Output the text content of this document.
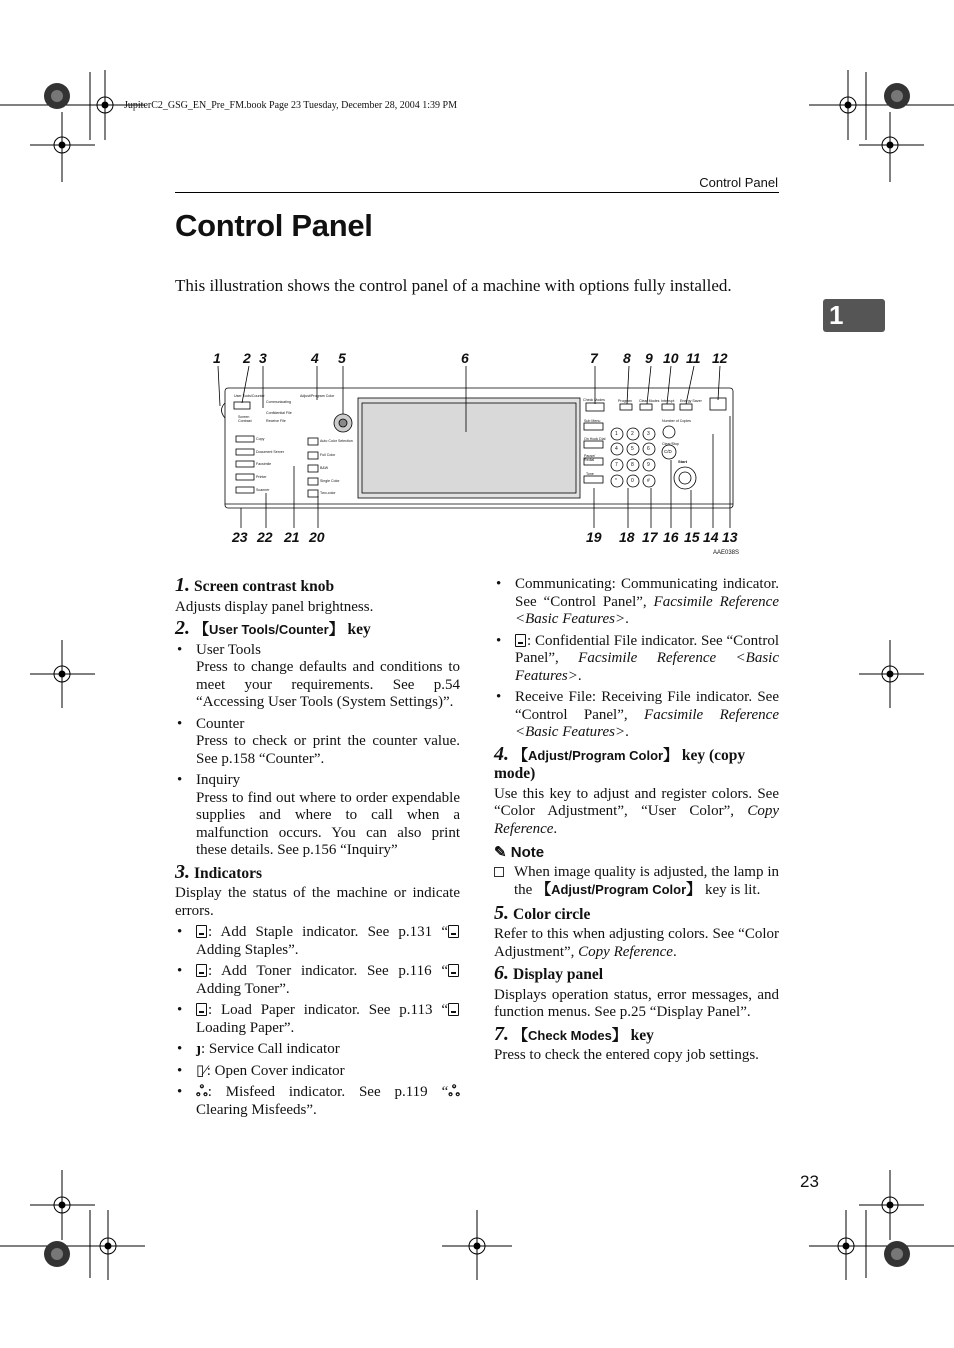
JupiterC2_GSG_EN_Pre_FM.book Page 23 Tuesday, December 28, 2004 1:39 PM
Control Panel
Control Panel
1
This illustration shows the control panel of a machine with options fully installed.
1 2 3	4 5	6	7 8 9 10 11 12
23 22 21 20	19 18 17 16 15 14 13
AAE038S
User Tools/Counter	Adjust/Program Color
Screen Contrast
Copy
Document Server
Facsimile
Printer
Scanner
Auto Color Selection
Full Color
B&W
Single Color
Two-color
Check Modes	Program Clear Modes Interrupt Energy Saver
Number of Copies
Clear/Stop
Start
Sub Menu
On Hook Dial
Pause/ Redial
Tone
Communicating
Confidential File
Receive File
1	2	3
4	5	6
7	8	9
*	0	#
C/D
1. Screen contrast knob

Adjusts display panel brightness.

2. 【User Tools/Counter】 key
• User Tools
Press to change defaults and conditions to meet your requirements. See p.54 “Accessing User Tools (System Settings)”.
• Counter
Press to check or print the counter value. See p.158 “Counter”.
• Inquiry
Press to find out where to order expendable supplies and where to call when a malfunction occurs. You can also print these details. See p.156 “Inquiry”
3. Indicators

Display the status of the machine or indicate errors.

• : Add Staple indicator. See p.131 “Adding Staples”.
• : Add Toner indicator. See p.116 “Adding Toner”.
• : Load Paper indicator. See p.113 “Loading Paper”.
• ȷ: Service Call indicator
• ▯⁄: Open Cover indicator
• ஃ: Misfeed indicator. See p.119 “ஃClearing Misfeeds”.
• Communicating: Communicating indicator. See “Control Panel”, Facsimile Reference <Basic Features>.
• : Confidential File indicator. See “Control Panel”, Facsimile Reference <Basic Features>.
• Receive File: Receiving File indicator. See “Control Panel”, Facsimile Reference <Basic Features>.
4. 【Adjust/Program Color】 key (copy mode)

Use this key to adjust and register colors. See “Color Adjustment”, “User Color”, Copy Reference.

✎ Note
When image quality is adjusted, the lamp in the 【Adjust/Program Color】 key is lit.
5. Color circle

Refer to this when adjusting colors. See “Color Adjustment”, Copy Reference.

6. Display panel

Displays operation status, error messages, and function menus. See p.25 “Display Panel”.

7. 【Check Modes】 key

Press to check the entered copy job settings.

23
